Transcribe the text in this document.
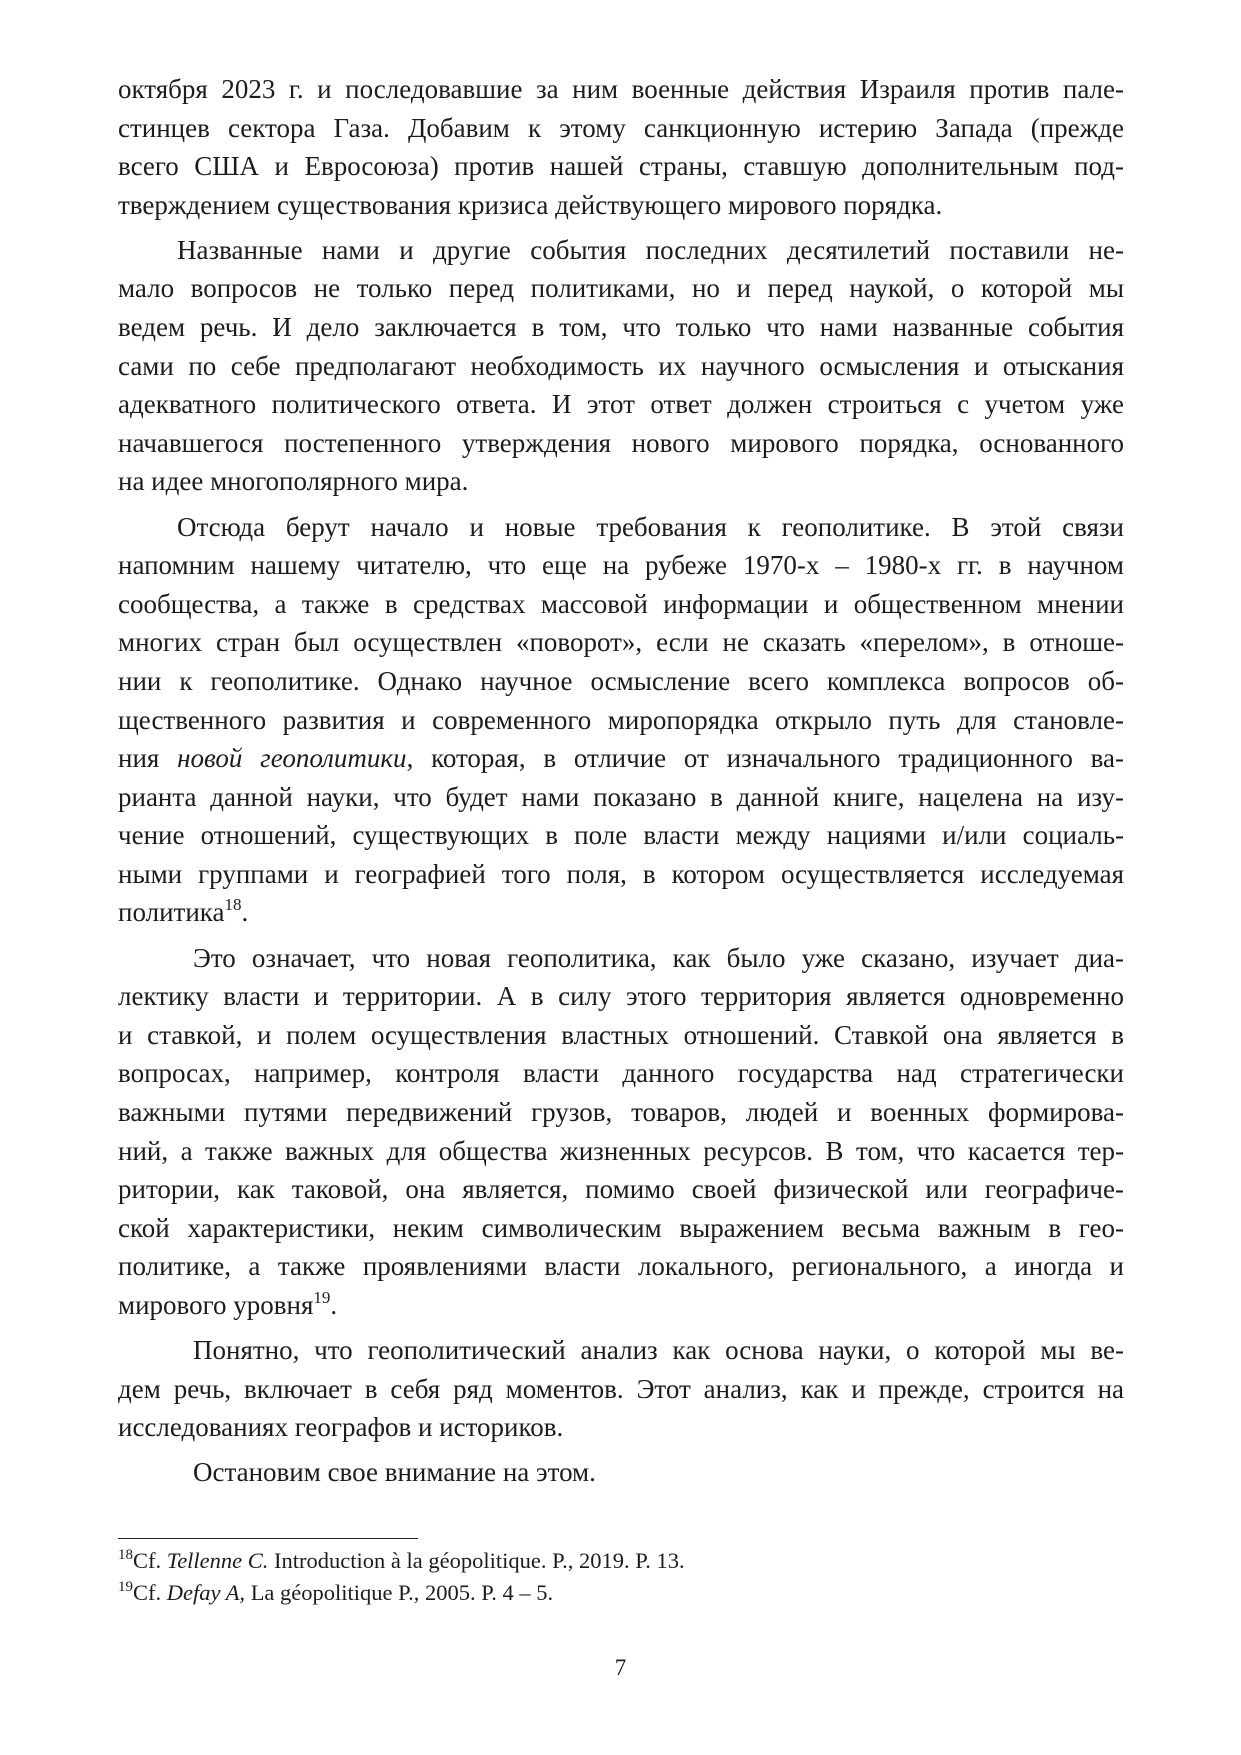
октября 2023 г. и последовавшие за ним военные действия Израиля против пале-
стинцев сектора Газа. Добавим к этому санкционную истерию Запада (прежде
всего США и Евросоюза) против нашей страны, ставшую дополнительным под-
тверждением существования кризиса действующего мирового порядка.
Названные нами и другие события последних десятилетий поставили не-
мало вопросов не только перед политиками, но и перед наукой, о которой мы
ведем речь. И дело заключается в том, что только что нами названные события
сами по себе предполагают необходимость их научного осмысления и отыскания
адекватного политического ответа. И этот ответ должен строиться с учетом уже
начавшегося постепенного утверждения нового мирового порядка, основанного
на идее многополярного мира.
Отсюда берут начало и новые требования к геополитике. В этой связи
напомним нашему читателю, что еще на рубеже 1970-х – 1980-х гг. в научном
сообщества, а также в средствах массовой информации и общественном мнении
многих стран был осуществлен «поворот», если не сказать «перелом», в отноше-
нии к геополитике. Однако научное осмысление всего комплекса вопросов об-
щественного развития и современного миропорядка открыло путь для становле-
ния новой геополитики, которая, в отличие от изначального традиционного ва-
рианта данной науки, что будет нами показано в данной книге, нацелена на изу-
чение отношений, существующих в поле власти между нациями и/или социаль-
ными группами и географией того поля, в котором осуществляется исследуемая
политика$^{18}$.
Это означает, что новая геополитика, как было уже сказано, изучает диа-
лектику власти и территории. А в силу этого территория является одновременно
и ставкой, и полем осуществления властных отношений. Ставкой она является в
вопросах, например, контроля власти данного государства над стратегически
важными путями передвижений грузов, товаров, людей и военных формирова-
ний, а также важных для общества жизненных ресурсов. В том, что касается тер-
ритории, как таковой, она является, помимо своей физической или географиче-
ской характеристики, неким символическим выражением весьма важным в гео-
политике, а также проявлениями власти локального, регионального, а иногда и
мирового уровня$^{19}$.
Понятно, что геополитический анализ как основа науки, о которой мы ве-
дем речь, включает в себя ряд моментов. Этот анализ, как и прежде, строится на
исследованиях географов и историков.
Остановим свое внимание на этом.
$^{18}$Cf. Tellenne C. Introduction à la géopolitique. P., 2019. P. 13.
$^{19}$Cf. Defay A, La géopolitique P., 2005. P. 4 – 5.
7
